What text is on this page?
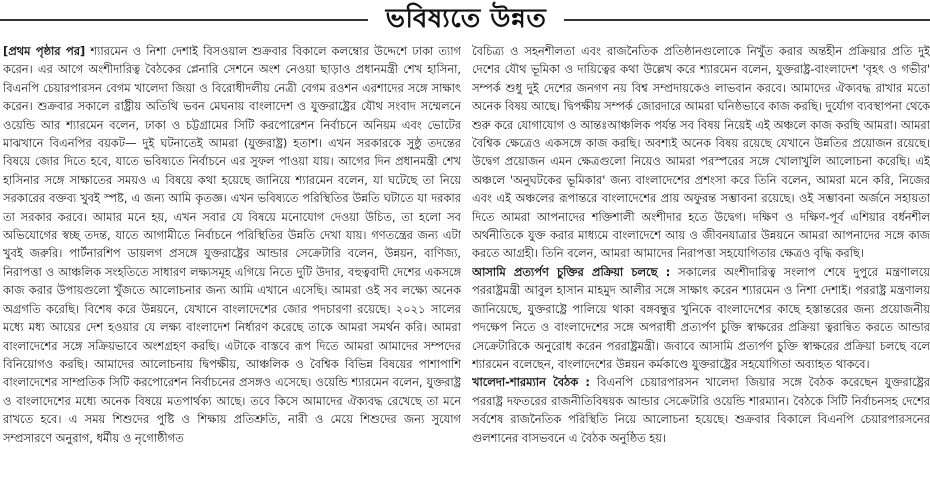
ভবিষ্যতে উন্নত

[প্রথম পৃষ্ঠার পর] শ্যারমেন ও নিশা দেশাই বিসওয়াল শুক্রবার বিকালে কলম্বোর উদ্দেশে ঢাকা ত্যাগ করেন। এর আগে অংশীদারিত্ব বৈঠকের প্লেনারি সেশনে অংশ নেওয়া ছাড়াও প্রধানমন্ত্রী শেখ হাসিনা, বিএনপি চেয়ারপারসন বেগম খালেদা জিয়া ও বিরোধীদলীয় নেত্রী বেগম রওশন এরশাদের সঙ্গে সাক্ষাৎ করেন। শুক্রবার সকালে রাষ্ট্রীয় অতিথি ভবন মেঘনায় বাংলাদেশ ও যুক্তরাষ্ট্রের যৌথ সংবাদ সম্মেলনে ওয়েন্ডি আর শ্যারমেন বলেন, ঢাকা ও চট্টগ্রামের সিটি করপোরেশন নির্বাচনে অনিয়ম এবং ভোটের মাঝখানে বিএনপির বয়কট— দুই ঘটনাতেই আমরা (যুক্তরাষ্ট্র) হতাশ। এখন সরকারকে সুষ্ঠু তদন্তের বিষয়ে জোর দিতে হবে, যাতে ভবিষ্যতে নির্বাচনে এর সুফল পাওয়া যায়। আগের দিন প্রধানমন্ত্রী শেখ হাসিনার সঙ্গে সাক্ষাতের সময়ও এ বিষয়ে কথা হয়েছে জানিয়ে শ্যারমেন বলেন, যা ঘটেছে তা নিয়ে সরকারের বক্তব্য খুবই স্পষ্ট, এ জন্য আমি কৃতজ্ঞ। এখন ভবিষ্যতে পরিস্থিতির উন্নতি ঘটাতে যা দরকার তা সরকার করবে। আমার মনে হয়, এখন সবার যে বিষয়ে মনোযোগ দেওয়া উচিত, তা হলো সব অভিযোগের স্বচ্ছ তদন্ত, যাতে আগামীতে নির্বাচনে পরিস্থিতির উন্নতি দেখা যায়। গণতন্ত্রের জন্য এটা খুবই জরুরি। পার্টনারশিপ ডায়লগ প্রসঙ্গে যুক্তরাষ্ট্রের আন্ডার সেক্রেটারি বলেন, উন্নয়ন, বাণিজ্য, নিরাপত্তা ও আঞ্চলিক সংহতিতে সাধারণ লক্ষ্যসমূহ এগিয়ে নিতে দুটি উদার, বহুত্ববাদী দেশের একসঙ্গে কাজ করার উপায়গুলো খুঁজতে আলোচনার জন্য আমি এখানে এসেছি। আমরা ওই সব লক্ষ্যে অনেক অগ্রগতি করেছি। বিশেষ করে উন্নয়নে, যেখানে বাংলাদেশের জোর পদচারণা রয়েছে। ২০২১ সালের মধ্যে মধ্য আয়ের দেশ হওয়ার যে লক্ষ্য বাংলাদেশ নির্ধারণ করেছে তাকে আমরা সমর্থন করি। আমরা বাংলাদেশের সঙ্গে সক্রিয়ভাবে অংশগ্রহণ করছি। এটাকে বাস্তবে রূপ দিতে আমরা আমাদের সম্পদের বিনিয়োগও করছি। আমাদের আলোচনায় দ্বিপক্ষীয়, আঞ্চলিক ও বৈশ্বিক বিভিন্ন বিষয়ের পাশাপাশি বাংলাদেশের সাম্প্রতিক সিটি করপোরেশন নির্বাচনের প্রসঙ্গও এসেছে। ওয়েন্ডি শ্যারমেন বলেন, যুক্তরাষ্ট্র ও বাংলাদেশের মধ্যে অনেক বিষয়ে মতপার্থক্য আছে। তবে কিসে আমাদের ঐক্যবদ্ধ রেখেছে তা মনে রাখতে হবে। এ সময় শিশুদের পুষ্টি ও শিক্ষায় প্রতিশ্রুতি, নারী ও মেয়ে শিশুদের জন্য সুযোগ সম্প্রসারণে অনুরাগ, ধর্মীয় ও নৃগোষ্ঠীগত

বৈচিত্র্য ও সহনশীলতা এবং রাজনৈতিক প্রতিষ্ঠানগুলোকে নিখুঁত করার অন্তহীন প্রক্রিয়ার প্রতি দুই দেশের যৌথ ভূমিকা ও দায়িত্বের কথা উল্লেখ করে শ্যারমেন বলেন, যুক্তরাষ্ট্র-বাংলাদেশ 'বৃহৎ ও গভীর' সম্পর্ক শুধু দুই দেশের জনগণ নয় বিশ্ব সম্প্রদায়কেও লাভবান করবে। আমাদের ঐক্যবদ্ধ রাখার মতো অনেক বিষয় আছে। দ্বিপক্ষীয় সম্পর্ক জোরদারে আমরা ঘনিষ্ঠভাবে কাজ করছি। দুর্যোগ ব্যবস্থাপনা থেকে শুরু করে যোগাযোগ ও আন্তঃআঞ্চলিক পর্যন্ত সব বিষয় নিয়েই এই অঞ্চলে কাজ করছি আমরা। আমরা বৈশ্বিক ক্ষেত্রেও একসঙ্গে কাজ করছি। অবশ্যই অনেক বিষয় রয়েছে যেখানে উন্নতির প্রয়োজন রয়েছে। উদ্বেগ প্রয়োজন এমন ক্ষেত্রগুলো নিয়েও আমরা পরস্পরের সঙ্গে খোলাখুলি আলোচনা করেছি। এই অঞ্চলে 'অনুঘটকের ভূমিকার' জন্য বাংলাদেশের প্রশংসা করে তিনি বলেন, আমরা মনে করি, নিজের এবং এই অঞ্চলের রূপান্তরে বাংলাদেশের প্রায় অফুরন্ত সম্ভাবনা রয়েছে। ওই সম্ভাবনা অর্জনে সহায়তা দিতে আমরা আপনাদের শক্তিশালী অংশীদার হতে উদ্বেগ। দক্ষিণ ও দক্ষিণ-পূর্ব এশিয়ার বর্ধনশীল অর্থনীতিকে যুক্ত করার মাধ্যমে বাংলাদেশে আয় ও জীবনযাত্রার উন্নয়নে আমরা আপনাদের সঙ্গে কাজ করতে আগ্রহী। তিনি বলেন, আমরা আমাদের নিরাপত্তা সহযোগিতার ক্ষেত্রও বৃদ্ধি করছি।

আসামি প্রত্যর্পণ চুক্তির প্রক্রিয়া চলছে : সকালের অংশীদারিত্ব সংলাপ শেষে দুপুরে মন্ত্রণালয়ে পররাষ্ট্রমন্ত্রী আবুল হাসান মাহমুদ আলীর সঙ্গে সাক্ষাৎ করেন শ্যারমেন ও নিশা দেশাই। পররাষ্ট্র মন্ত্রণালয় জানিয়েছে, যুক্তরাষ্ট্রে পালিয়ে থাকা বঙ্গবন্ধুর খুনিকে বাংলাদেশের কাছে হস্তান্তরের জন্য প্রয়োজনীয় পদক্ষেপ নিতে ও বাংলাদেশের সঙ্গে অপরাধী প্রত্যর্পণ চুক্তি স্বাক্ষরের প্রক্রিয়া ত্বরান্বিত করতে আন্ডার সেক্রেটারিকে অনুরোধ করেন পররাষ্ট্রমন্ত্রী। জবাবে আসামি প্রত্যর্পণ চুক্তি স্বাক্ষরের প্রক্রিয়া চলছে বলে শ্যারমেন বলেছেন, বাংলাদেশের উন্নয়ন কর্মকাণ্ডে যুক্তরাষ্ট্রের সহযোগিতা অব্যাহত থাকবে।

খালেদা-শারম্যান বৈঠক : বিএনপি চেয়ারপারসন খালেদা জিয়ার সঙ্গে বৈঠক করেছেন যুক্তরাষ্ট্রের পররাষ্ট্র দফতরের রাজনীতিবিষয়ক আন্ডার সেক্রেটারি ওয়েন্ডি শারম্যান। বৈঠকে সিটি নির্বাচনসহ দেশের সর্বশেষ রাজনৈতিক পরিস্থিতি নিয়ে আলোচনা হয়েছে। শুক্রবার বিকালে বিএনপি চেয়ারপারসনের গুলশানের বাসভবনে এ বৈঠক অনুষ্ঠিত হয়।
